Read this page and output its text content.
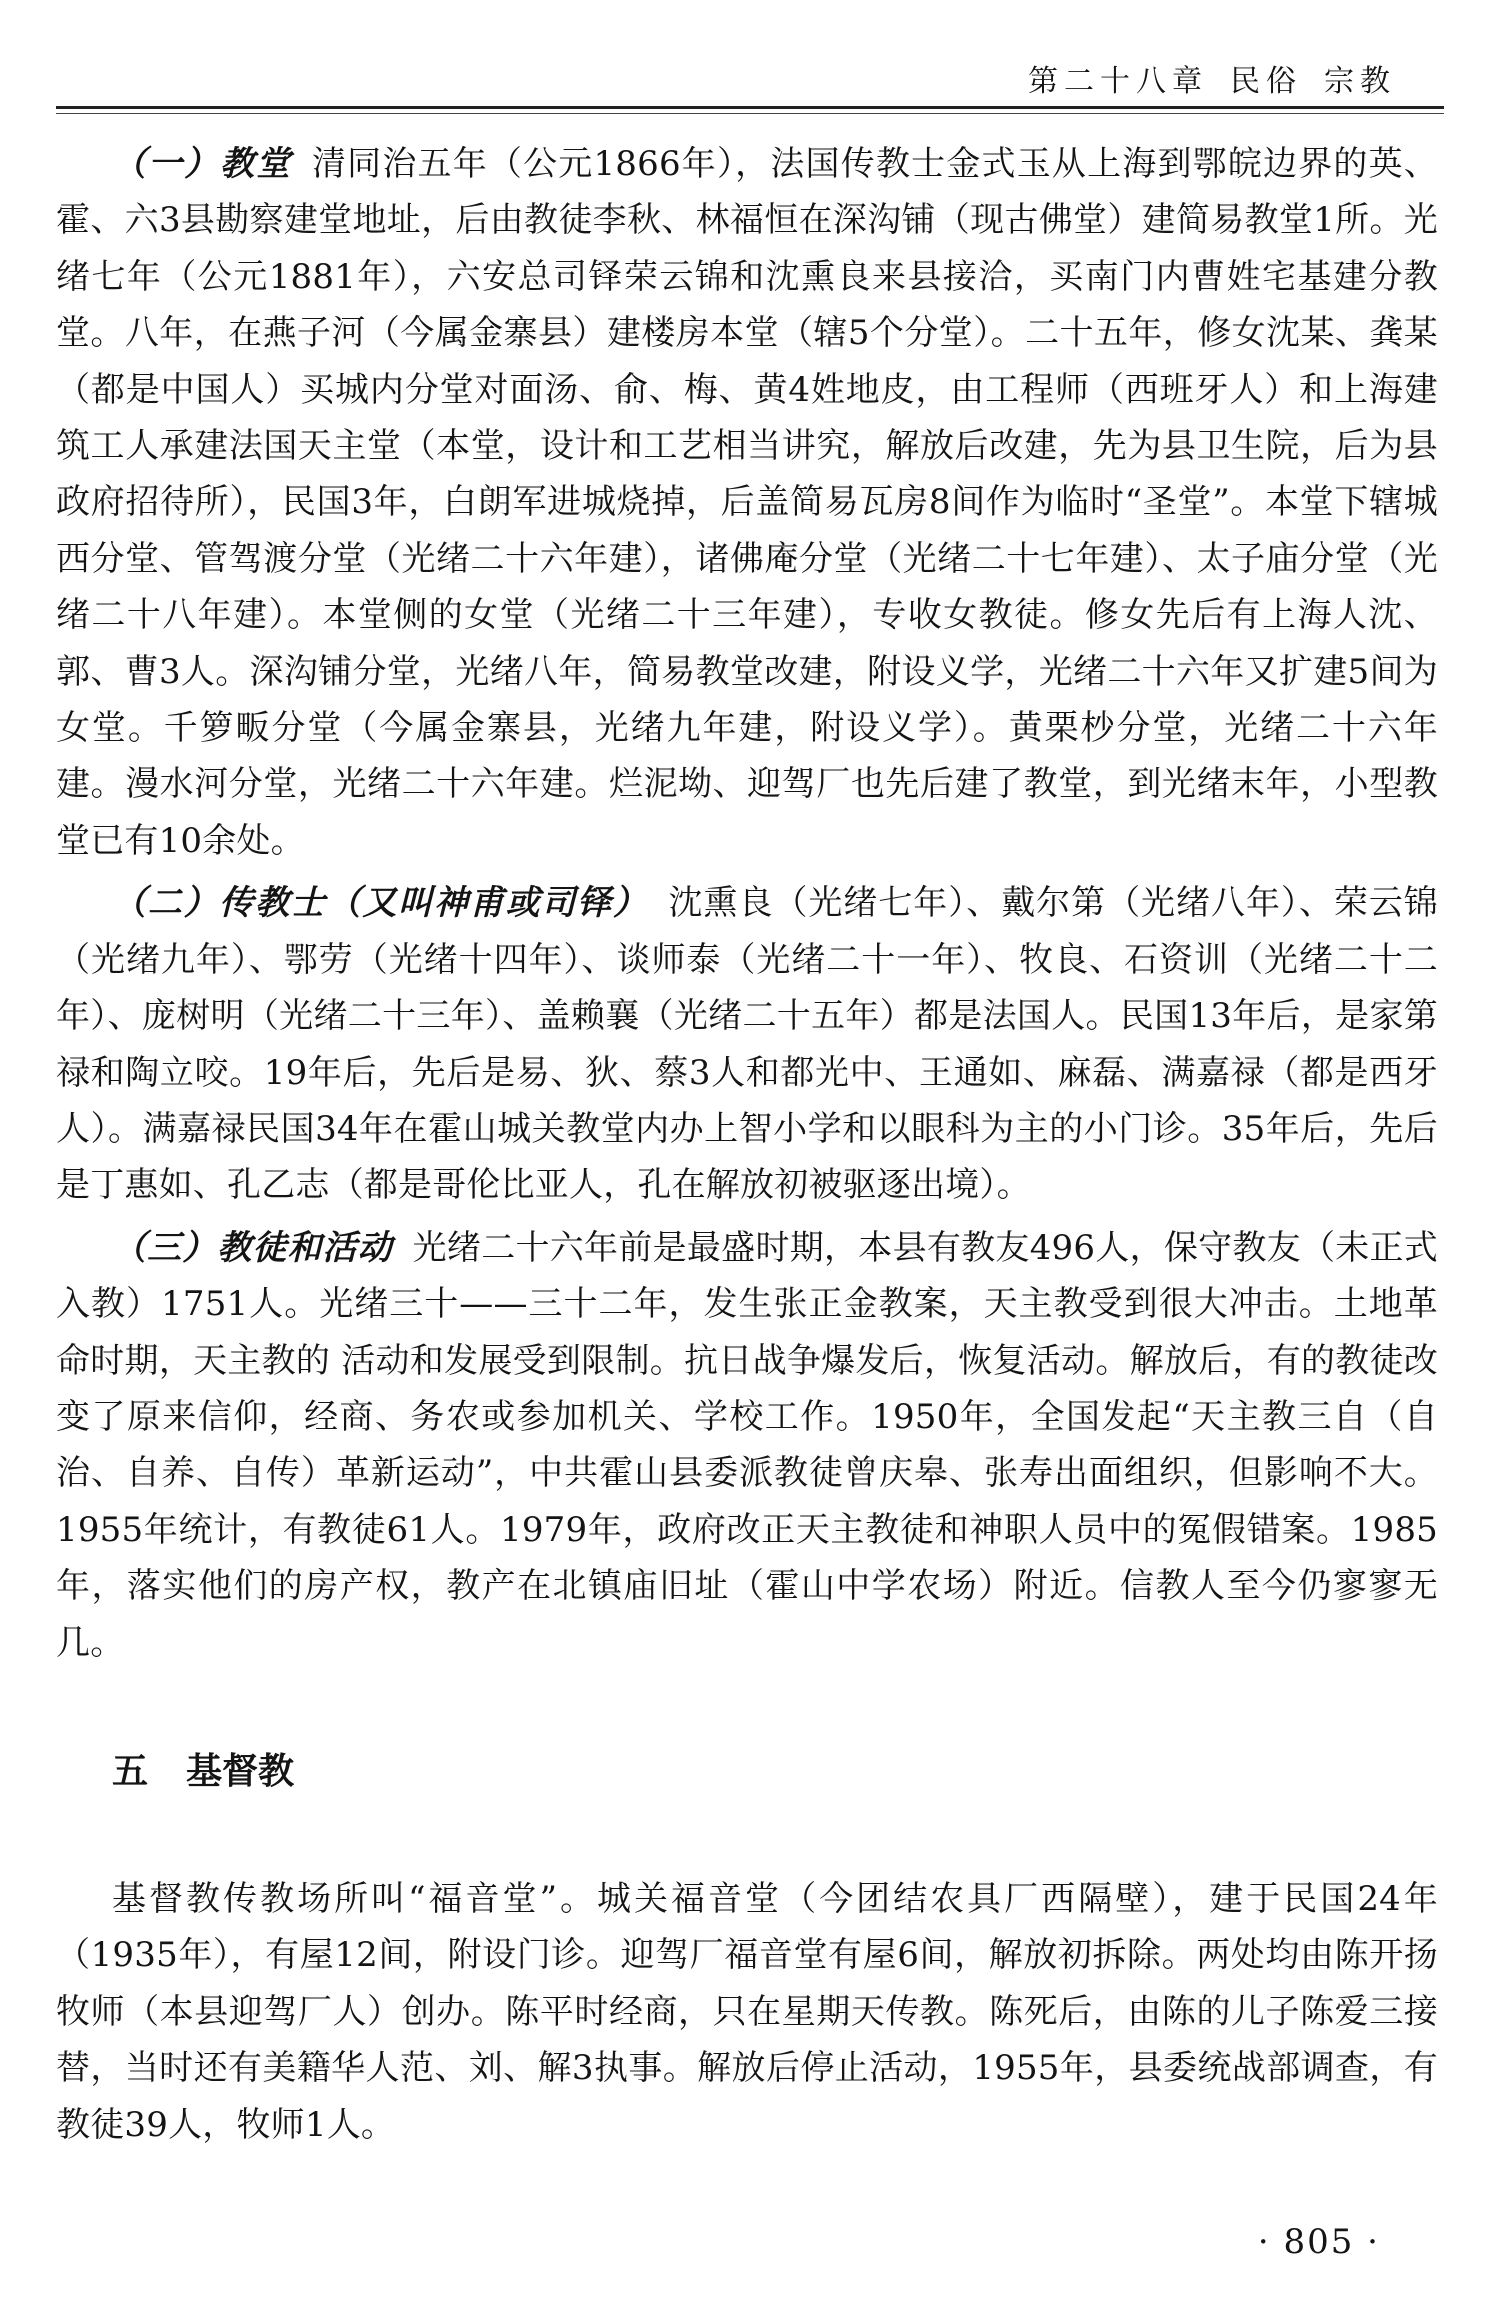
第二十八章 民俗 宗教

（一）教堂 清同治五年（公元1866年），法国传教士金式玉从上海到鄂皖边界的英、霍、六3县勘察建堂地址，后由教徒李秋、林福恒在深沟铺（现古佛堂）建简易教堂1所。光绪七年（公元1881年），六安总司铎荣云锦和沈熏良来县接洽，买南门内曹姓宅基建分教堂。八年，在燕子河（今属金寨县）建楼房本堂（辖5个分堂）。二十五年，修女沈某、龚某（都是中国人）买城内分堂对面汤、俞、梅、黄4姓地皮，由工程师（西班牙人）和上海建筑工人承建法国天主堂（本堂，设计和工艺相当讲究，解放后改建，先为县卫生院，后为县政府招待所），民国3年，白朗军进城烧掉，后盖简易瓦房8间作为临时“圣堂”。本堂下辖城西分堂、管驾渡分堂（光绪二十六年建），诸佛庵分堂（光绪二十七年建）、太子庙分堂（光绪二十八年建）。本堂侧的女堂（光绪二十三年建），专收女教徒。修女先后有上海人沈、郭、曹3人。深沟铺分堂，光绪八年，简易教堂改建，附设义学，光绪二十六年又扩建5间为女堂。千箩畈分堂（今属金寨县，光绪九年建，附设义学）。黄栗杪分堂，光绪二十六年建。漫水河分堂，光绪二十六年建。烂泥坳、迎驾厂也先后建了教堂，到光绪末年，小型教堂已有10余处。

（二）传教士（又叫神甫或司铎） 沈熏良（光绪七年）、戴尔第（光绪八年）、荣云锦（光绪九年）、鄂劳（光绪十四年）、谈师泰（光绪二十一年）、牧良、石资训（光绪二十二年）、庞树明（光绪二十三年）、盖赖襄（光绪二十五年）都是法国人。民国13年后，是家第禄和陶立咬。19年后，先后是易、狄、蔡3人和都光中、王通如、麻磊、满嘉禄（都是西牙人）。满嘉禄民国34年在霍山城关教堂内办上智小学和以眼科为主的小门诊。35年后，先后是丁惠如、孔乙志（都是哥伦比亚人，孔在解放初被驱逐出境）。

（三）教徒和活动 光绪二十六年前是最盛时期，本县有教友496人，保守教友（未正式入教）1751人。光绪三十——三十二年，发生张正金教案，天主教受到很大冲击。土地革命时期，天主教的 活动和发展受到限制。抗日战争爆发后，恢复活动。解放后，有的教徒改变了原来信仰，经商、务农或参加机关、学校工作。1950年，全国发起“天主教三自（自治、自养、自传）革新运动”，中共霍山县委派教徒曾庆皋、张寿出面组织，但影响不大。1955年统计，有教徒61人。1979年，政府改正天主教徒和神职人员中的冤假错案。1985年，落实他们的房产权，教产在北镇庙旧址（霍山中学农场）附近。信教人至今仍寥寥无几。

五 基督教

基督教传教场所叫“福音堂”。城关福音堂（今团结农具厂西隔壁），建于民国24年（1935年），有屋12间，附设门诊。迎驾厂福音堂有屋6间，解放初拆除。两处均由陈开扬牧师（本县迎驾厂人）创办。陈平时经商，只在星期天传教。陈死后，由陈的儿子陈爱三接替，当时还有美籍华人范、刘、解3执事。解放后停止活动，1955年，县委统战部调查，有教徒39人，牧师1人。

· 805 ·
